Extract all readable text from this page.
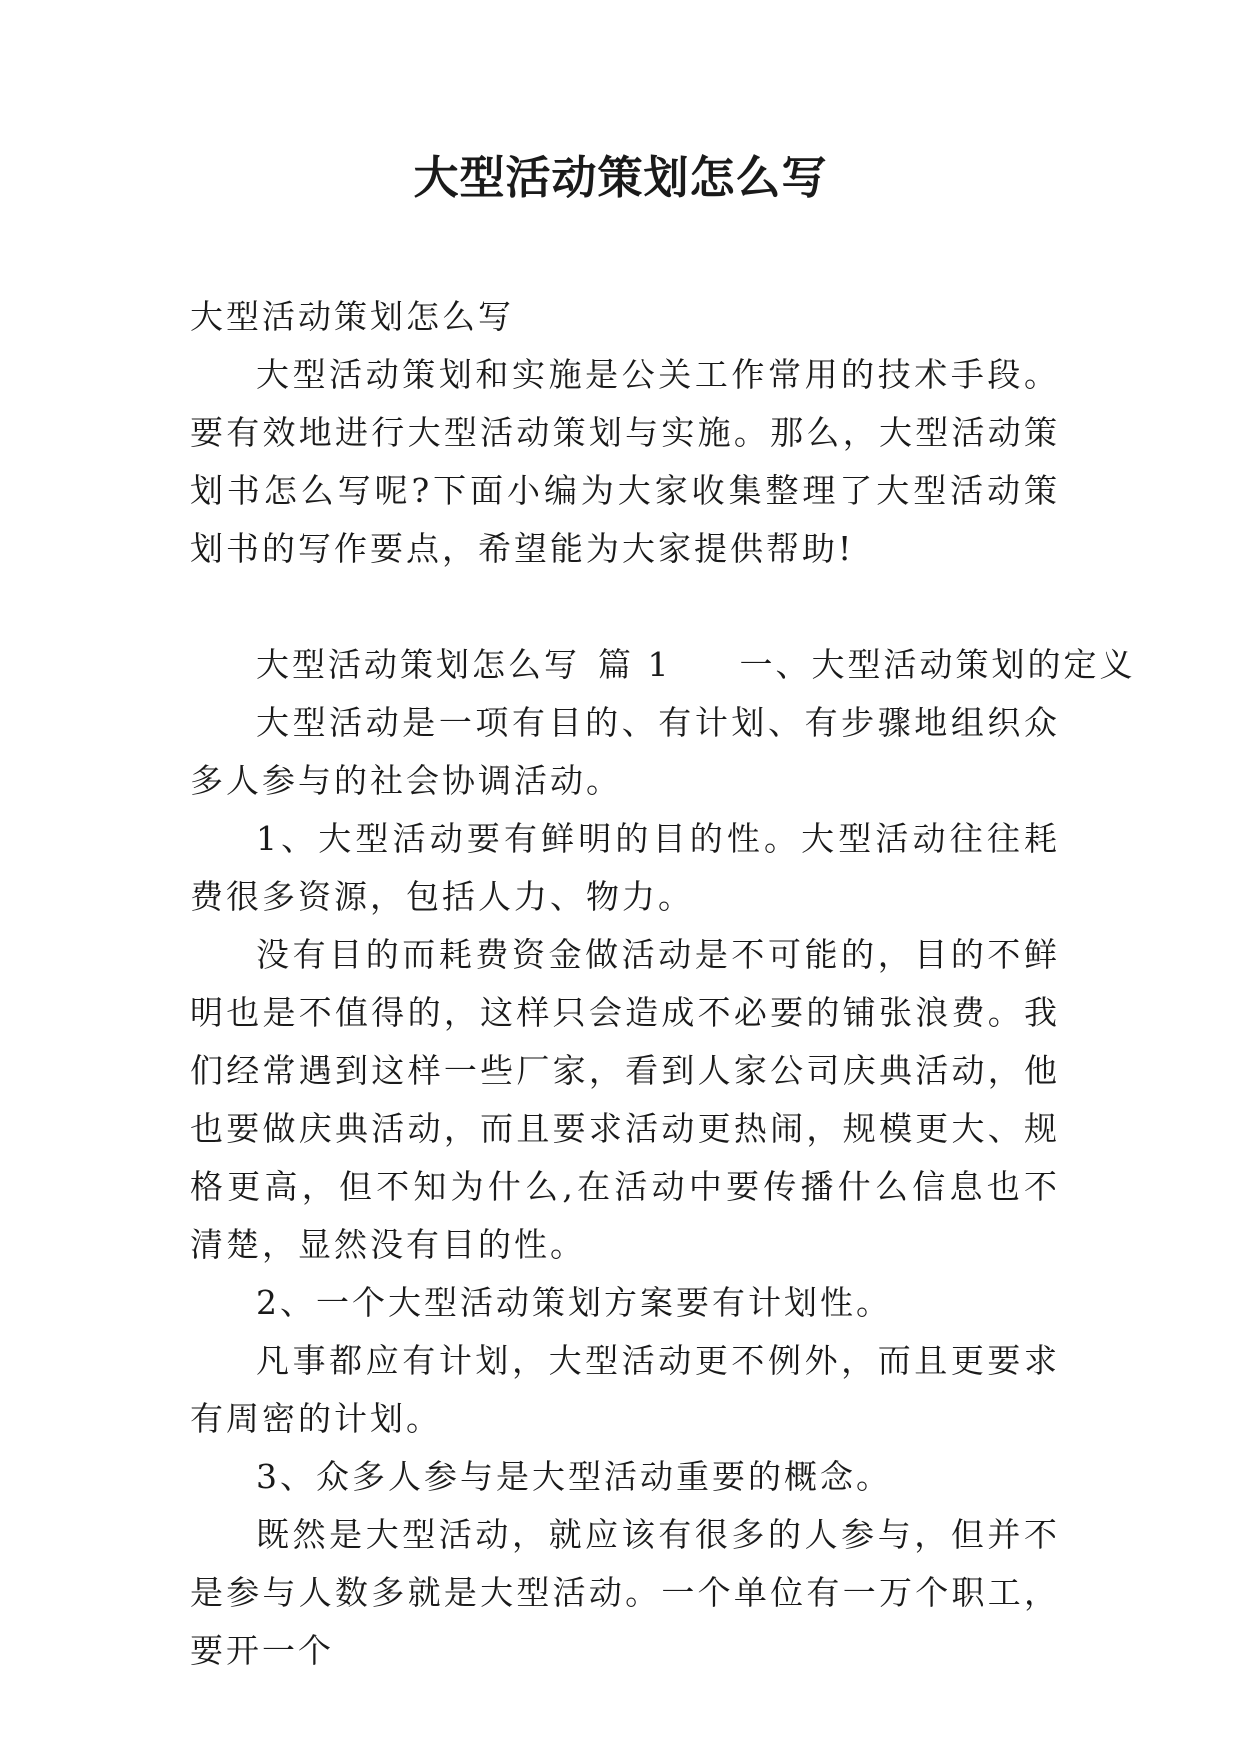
大型活动策划怎么写

大型活动策划怎么写

大型活动策划和实施是公关工作常用的技术手段。要有效地进行大型活动策划与实施。那么，大型活动策划书怎么写呢?下面小编为大家收集整理了大型活动策划书的写作要点，希望能为大家提供帮助!

大型活动策划怎么写 篇 1 一、大型活动策划的定义

大型活动是一项有目的、有计划、有步骤地组织众多人参与的社会协调活动。

1、大型活动要有鲜明的目的性。大型活动往往耗费很多资源，包括人力、物力。

没有目的而耗费资金做活动是不可能的，目的不鲜明也是不值得的，这样只会造成不必要的铺张浪费。我们经常遇到这样一些厂家，看到人家公司庆典活动，他也要做庆典活动，而且要求活动更热闹，规模更大、规格更高，但不知为什么,在活动中要传播什么信息也不清楚，显然没有目的性。

2、一个大型活动策划方案要有计划性。

凡事都应有计划，大型活动更不例外，而且更要求有周密的计划。

3、众多人参与是大型活动重要的概念。

既然是大型活动，就应该有很多的人参与，但并不是参与人数多就是大型活动。一个单位有一万个职工，要开一个
